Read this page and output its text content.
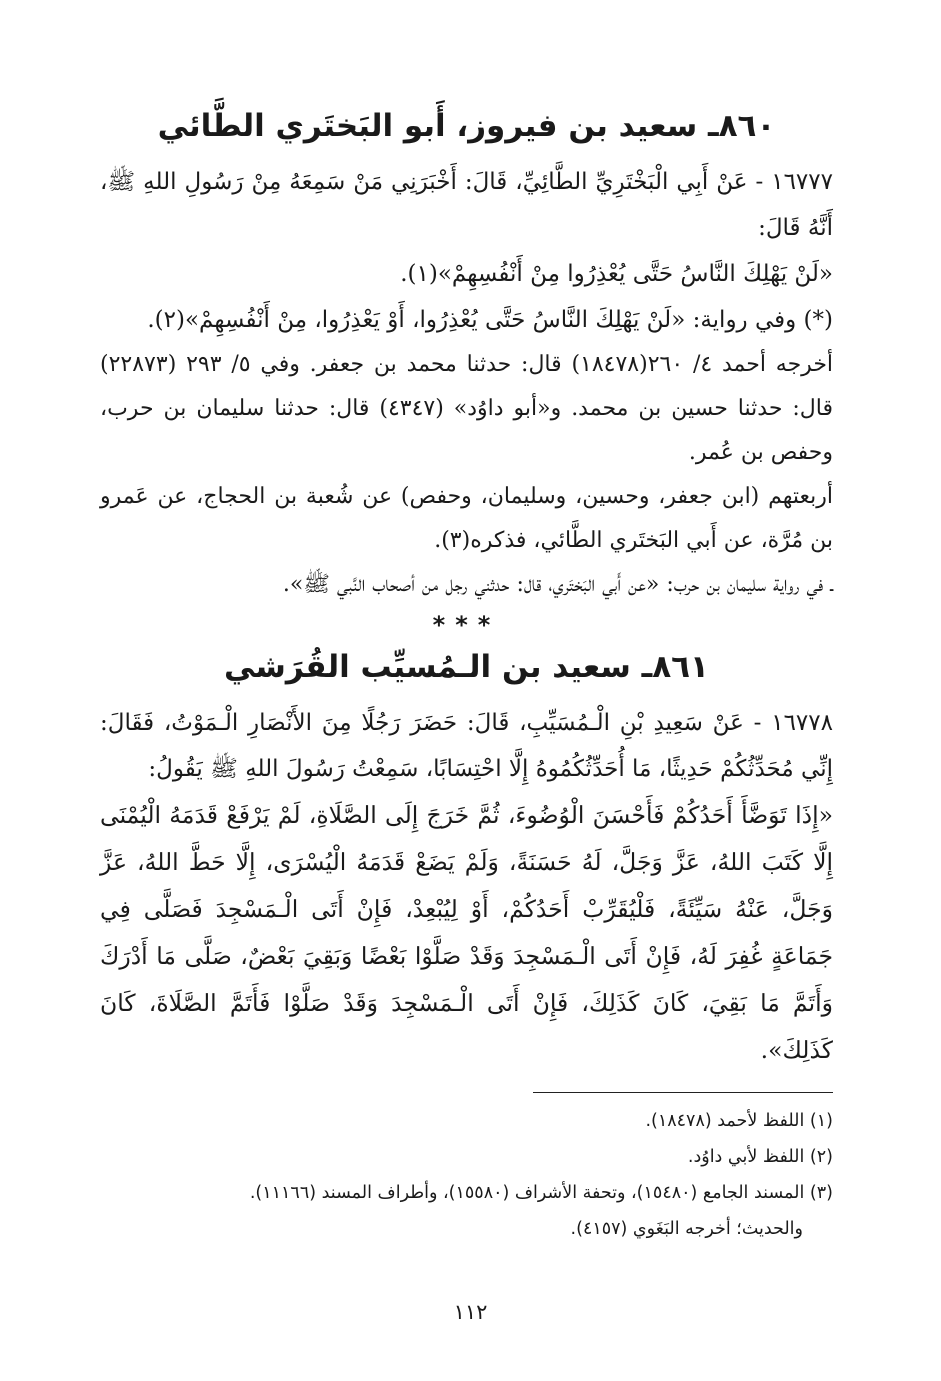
٨٦٠ـ سعيد بن فيروز، أَبو البَختَري الطَّائي

١٦٧٧٧ - عَنْ أَبِي الْبَخْتَرِيِّ الطَّائِيِّ، قَالَ: أَخْبَرَنِي مَنْ سَمِعَهُ مِنْ رَسُولِ اللهِ ﷺ، أَنَّهُ قَالَ:

«لَنْ يَهْلِكَ النَّاسُ حَتَّى يُعْذِرُوا مِنْ أَنْفُسِهِمْ»(١).

(*) وفي رواية: «لَنْ يَهْلِكَ النَّاسُ حَتَّى يُعْذِرُوا، أَوْ يَعْذِرُوا، مِنْ أَنْفُسِهِمْ»(٢).

أخرجه أحمد ٤/ ٢٦٠(١٨٤٧٨) قال: حدثنا محمد بن جعفر. وفي ٥/ ٢٩٣ (٢٢٨٧٣) قال: حدثنا حسين بن محمد. و«أبو داوُد» (٤٣٤٧) قال: حدثنا سليمان بن حرب، وحفص بن عُمر.

أربعتهم (ابن جعفر، وحسين، وسليمان، وحفص) عن شُعبة بن الحجاج، عن عَمرو بن مُرَّة، عن أَبي البَختَري الطَّائي، فذكره(٣).

ـ في رواية سليمان بن حرب: «عن أَبي البَختَري، قال: حدثني رجل من أصحاب النَّبي ﷺ».

***
٨٦١ـ سعيد بن الـمُسيِّب القُرَشي

١٦٧٧٨ - عَنْ سَعِيدِ بْنِ الْـمُسَيِّبِ، قَالَ: حَضَرَ رَجُلًا مِنَ الأَنْصَارِ الْـمَوْتُ، فَقَالَ: إِنِّي مُحَدِّثُكُمْ حَدِيثًا، مَا أُحَدِّثُكُمُوهُ إِلَّا احْتِسَابًا، سَمِعْتُ رَسُولَ اللهِ ﷺ يَقُولُ:

«إِذَا تَوَضَّأَ أَحَدُكُمْ فَأَحْسَنَ الْوُضُوءَ، ثُمَّ خَرَجَ إِلَى الصَّلَاةِ، لَمْ يَرْفَعْ قَدَمَهُ الْيُمْنَى إِلَّا كَتَبَ اللهُ، عَزَّ وَجَلَّ، لَهُ حَسَنَةً، وَلَمْ يَضَعْ قَدَمَهُ الْيُسْرَى، إِلَّا حَطَّ اللهُ، عَزَّ وَجَلَّ، عَنْهُ سَيِّئَةً، فَلْيُقَرِّبْ أَحَدُكُمْ، أَوْ لِيُبْعِدْ، فَإِنْ أَتَى الْـمَسْجِدَ فَصَلَّى فِي جَمَاعَةٍ غُفِرَ لَهُ، فَإِنْ أَتَى الْـمَسْجِدَ وَقَدْ صَلَّوْا بَعْضًا وَبَقِيَ بَعْضٌ، صَلَّى مَا أَدْرَكَ وَأَتَمَّ مَا بَقِيَ، كَانَ كَذَلِكَ، فَإِنْ أَتَى الْـمَسْجِدَ وَقَدْ صَلَّوْا فَأَتَمَّ الصَّلَاةَ، كَانَ كَذَلِكَ».

(١) اللفظ لأحمد (١٨٤٧٨).

(٢) اللفظ لأبي داوُد.

(٣) المسند الجامع (١٥٤٨٠)، وتحفة الأشراف (١٥٥٨٠)، وأطراف المسند (١١١٦٦).

والحديث؛ أخرجه البَغَوي (٤١٥٧).

١١٢
